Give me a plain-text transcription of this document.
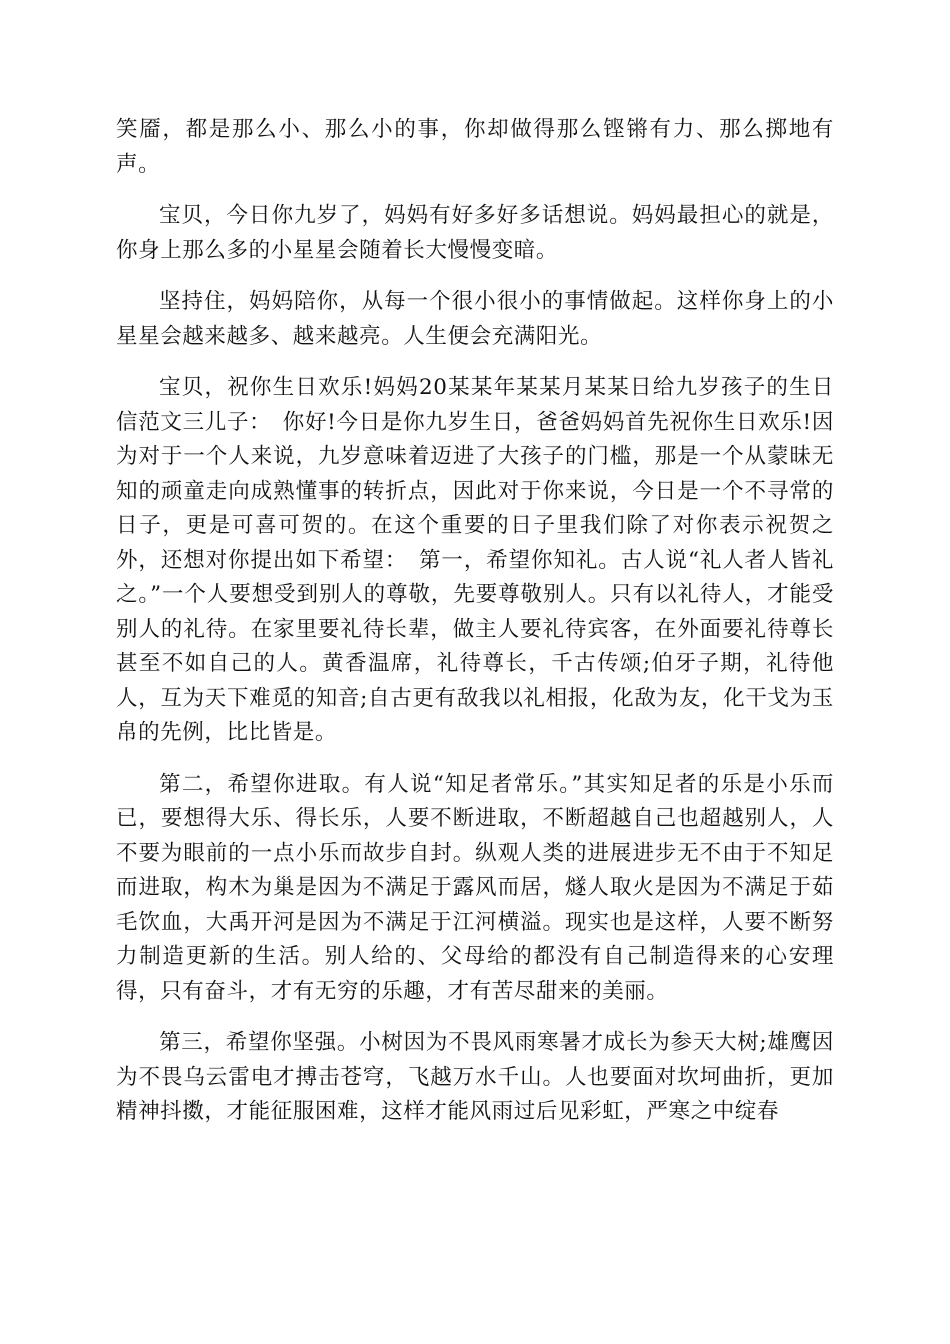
笑靥，都是那么小、那么小的事，你却做得那么铿锵有力、那么掷地有声。

宝贝，今日你九岁了，妈妈有好多好多话想说。妈妈最担心的就是，你身上那么多的小星星会随着长大慢慢变暗。

坚持住，妈妈陪你，从每一个很小很小的事情做起。这样你身上的小星星会越来越多、越来越亮。人生便会充满阳光。

宝贝，祝你生日欢乐!妈妈20某某年某某月某某日给九岁孩子的生日信范文三儿子：　你好!今日是你九岁生日，爸爸妈妈首先祝你生日欢乐!因为对于一个人来说，九岁意味着迈进了大孩子的门槛，那是一个从蒙昧无知的顽童走向成熟懂事的转折点，因此对于你来说，今日是一个不寻常的日子，更是可喜可贺的。在这个重要的日子里我们除了对你表示祝贺之外，还想对你提出如下希望：　第一，希望你知礼。古人说“礼人者人皆礼之。”一个人要想受到别人的尊敬，先要尊敬别人。只有以礼待人，才能受别人的礼待。在家里要礼待长辈，做主人要礼待宾客，在外面要礼待尊长甚至不如自己的人。黄香温席，礼待尊长，千古传颂;伯牙子期，礼待他人，互为天下难觅的知音;自古更有敌我以礼相报，化敌为友，化干戈为玉帛的先例，比比皆是。

第二，希望你进取。有人说“知足者常乐。”其实知足者的乐是小乐而已，要想得大乐、得长乐，人要不断进取，不断超越自己也超越别人，人不要为眼前的一点小乐而故步自封。纵观人类的进展进步无不由于不知足而进取，构木为巢是因为不满足于露风而居，燧人取火是因为不满足于茹毛饮血，大禹开河是因为不满足于江河横溢。现实也是这样，人要不断努力制造更新的生活。别人给的、父母给的都没有自己制造得来的心安理得，只有奋斗，才有无穷的乐趣，才有苦尽甜来的美丽。

第三，希望你坚强。小树因为不畏风雨寒暑才成长为参天大树;雄鹰因为不畏乌云雷电才搏击苍穹，飞越万水千山。人也要面对坎坷曲折，更加精神抖擞，才能征服困难，这样才能风雨过后见彩虹，严寒之中绽春
